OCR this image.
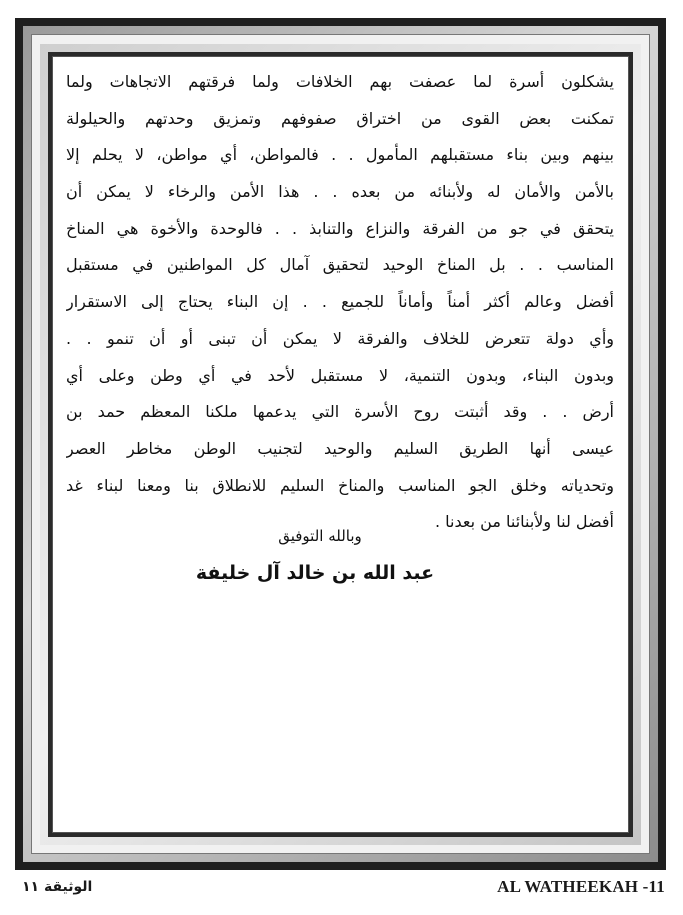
يشكلون أسرة لما عصفت بهم الخلافات ولما فرقتهم الاتجاهات ولما
تمكنت بعض القوى من اختراق صفوفهم وتمزيق وحدتهم والحيلولة
بينهم وبين بناء مستقبلهم المأمول . . فالمواطن، أي مواطن، لا يحلم إلا
بالأمن والأمان له ولأبنائه من بعده . . هذا الأمن والرخاء لا يمكن أن
يتحقق في جو من الفرقة والنزاع والتنابذ . . فالوحدة والأخوة هي المناخ
المناسب . . بل المناخ الوحيد لتحقيق آمال كل المواطنين في مستقبل
أفضل وعالم أكثر أمناً وأماناً للجميع . . إن البناء يحتاج إلى الاستقرار
وأي دولة تتعرض للخلاف والفرقة لا يمكن أن تبنى أو أن تنمو . .
وبدون البناء، وبدون التنمية، لا مستقبل لأحد في أي وطن وعلى أي
أرض . . وقد أثبتت روح الأسرة التي يدعمها ملكنا المعظم حمد بن
عيسى أنها الطريق السليم والوحيد لتجنيب الوطن مخاطر العصر
وتحدياته وخلق الجو المناسب والمناخ السليم للانطلاق بنا ومعنا لبناء غد
أفضل لنا ولأبنائنا من بعدنا .
وبالله التوفيق
عبد الله بن خالد آل خليفة
الوثيقة ١١	AL WATHEEKAH -11
